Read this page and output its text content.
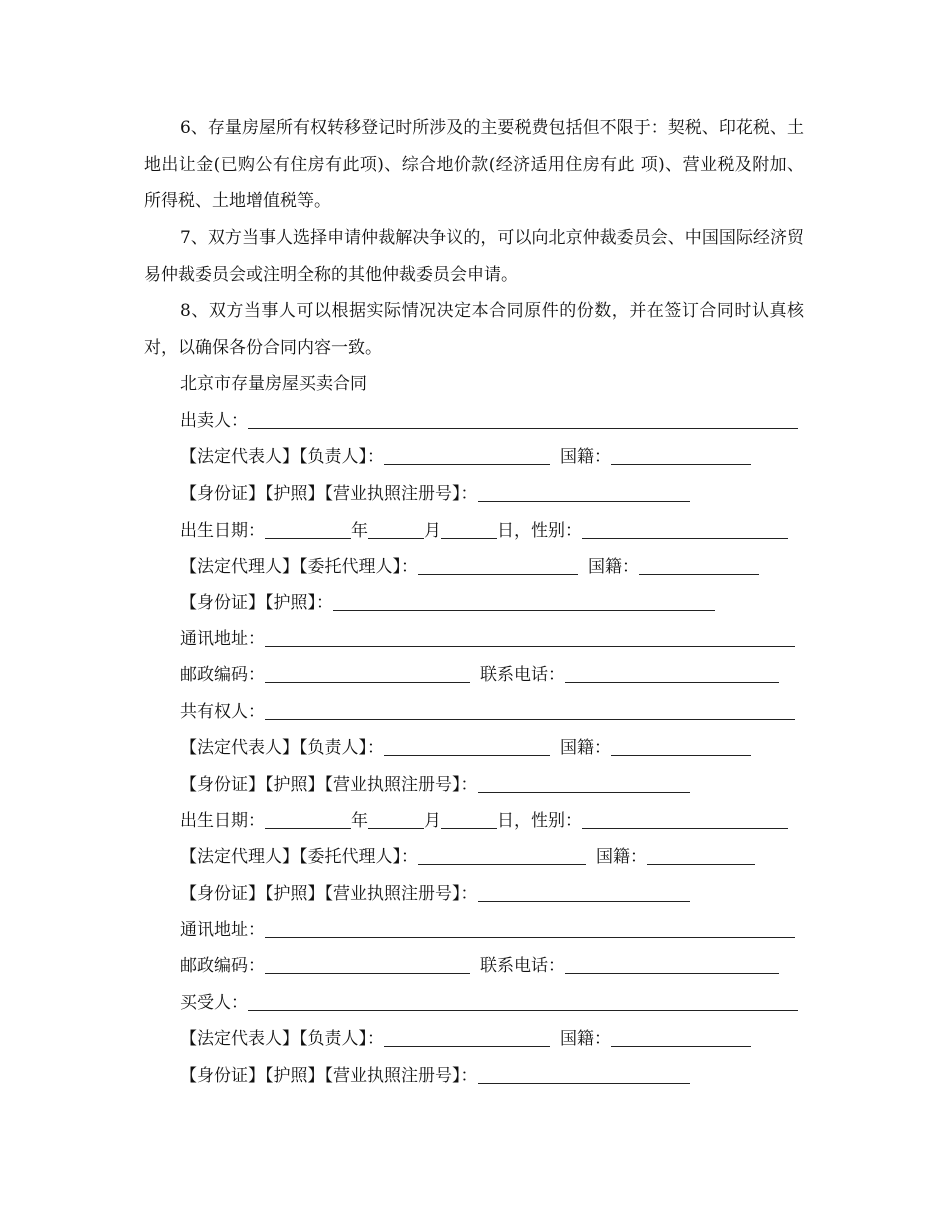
6、存量房屋所有权转移登记时所涉及的主要税费包括但不限于：契税、印花税、土地出让金(已购公有住房有此项)、综合地价款(经济适用住房有此 项)、营业税及附加、所得税、土地增值税等。

7、双方当事人选择申请仲裁解决争议的，可以向北京仲裁委员会、中国国际经济贸易仲裁委员会或注明全称的其他仲裁委员会申请。

8、双方当事人可以根据实际情况决定本合同原件的份数，并在签订合同时认真核对，以确保各份合同内容一致。

北京市存量房屋买卖合同
出卖人：
【法定代表人】【负责人】：	国籍：
【身份证】【护照】【营业执照注册号】：
出生日期：	年	月	日，性别：
【法定代理人】【委托代理人】：	国籍：
【身份证】【护照】：
通讯地址：
邮政编码：	联系电话：
共有权人：
【法定代表人】【负责人】：	国籍：
【身份证】【护照】【营业执照注册号】：
出生日期：	年	月	日，性别：
【法定代理人】【委托代理人】：	国籍：
【身份证】【护照】【营业执照注册号】：
通讯地址：
邮政编码：	联系电话：
买受人：
【法定代表人】【负责人】：	国籍：
【身份证】【护照】【营业执照注册号】：
